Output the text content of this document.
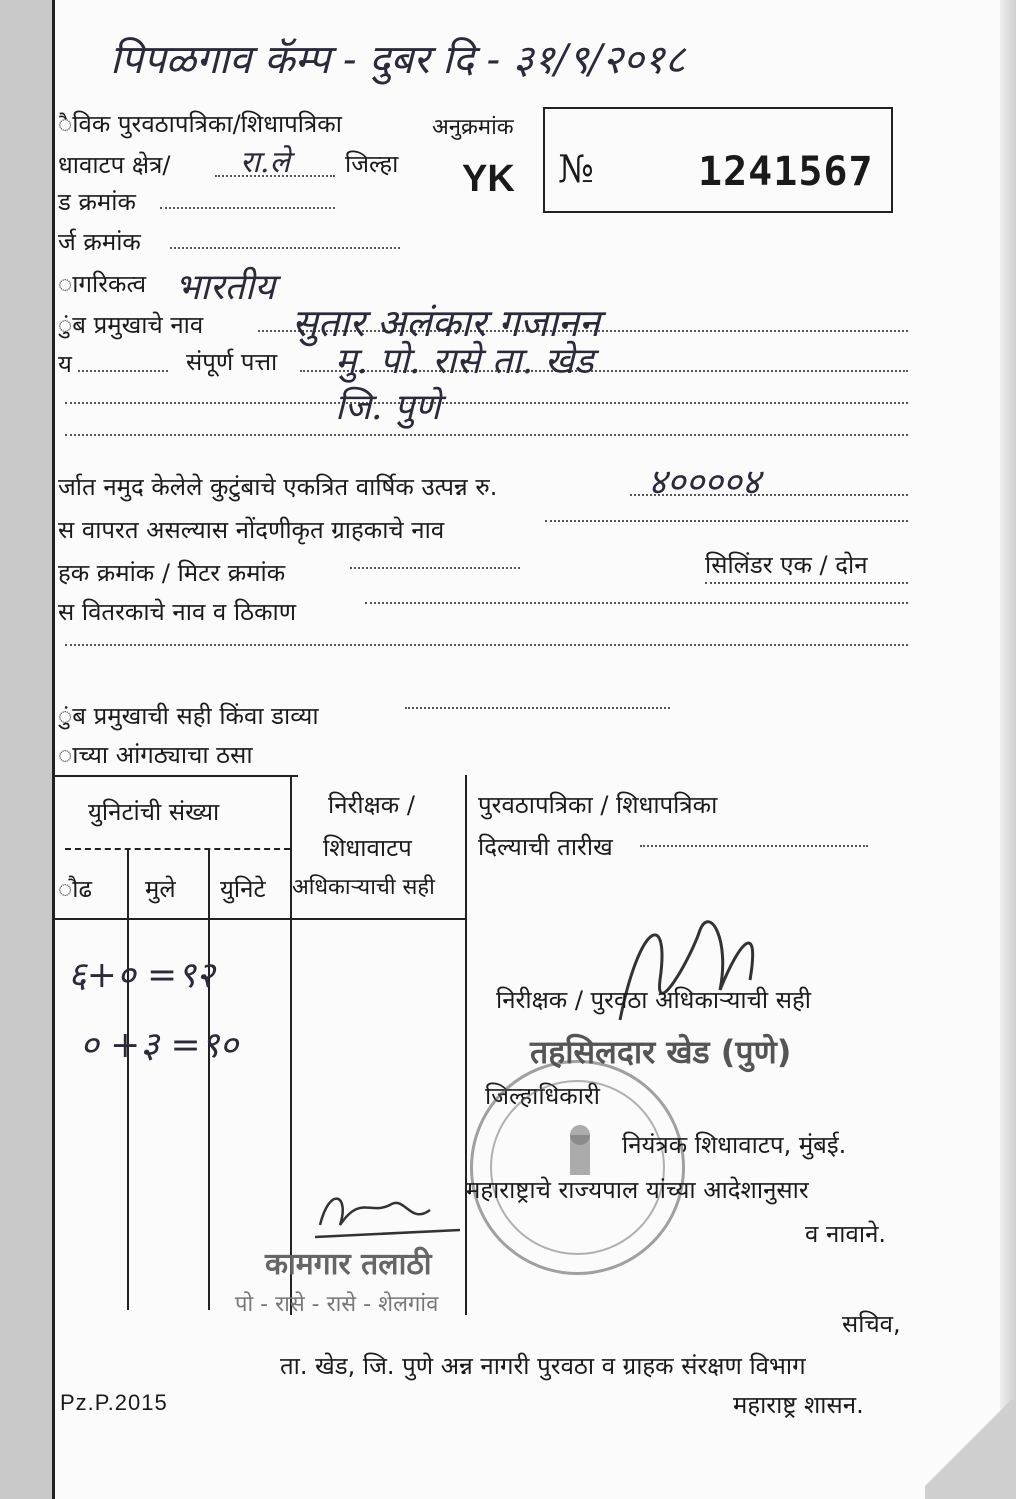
पिपळगाव कॅम्प - दुबर दि - ३१/९/२०१८
ैविक पुरवठापत्रिका/शिधापत्रिका	अनुक्रमांक
YK №	1241567
धावाटप क्षेत्र/ रा.ले जिल्हा
ड क्रमांक
र्ज क्रमांक
ागरिकत्व भारतीय
ुंब प्रमुखाचे नाव सुतार अलंकार गजानन
य	संपूर्ण पत्ता मु. पो. रासे ता. खेड
जि. पुणे
र्जात नमुद केलेले कुटुंबाचे एकत्रित वार्षिक उत्पन्न रु.	४००००४
स वापरत असल्यास नोंदणीकृत ग्राहकाचे नाव
हक क्रमांक / मिटर क्रमांक	सिलिंडर एक / दोन
स वितरकाचे नाव व ठिकाण
ुंब प्रमुखाची सही किंवा डाव्या
ाच्या आंगठ्याचा ठसा
युनिटांची संख्या	निरीक्षक /
शिधावाटप
अधिकाऱ्याची सही
ौढ मुले युनिटे
६+० =९२
० +३ =९०
पुरवठापत्रिका / शिधापत्रिका
दिल्याची तारीख
निरीक्षक / पुरवठा अधिकाऱ्याची सही
तहसिलदार खेड (पुणे)
जिल्हाधिकारी
नियंत्रक शिधावाटप, मुंबई.
महाराष्ट्राचे राज्यपाल यांच्या आदेशानुसार
व नावाने.
कामगार तलाठी
पो - रासे - रासे - शेलगांव
सचिव,
ता. खेड, जि. पुणे अन्न नागरी पुरवठा व ग्राहक संरक्षण विभाग
Pz.P.2015	महाराष्ट्र शासन.
